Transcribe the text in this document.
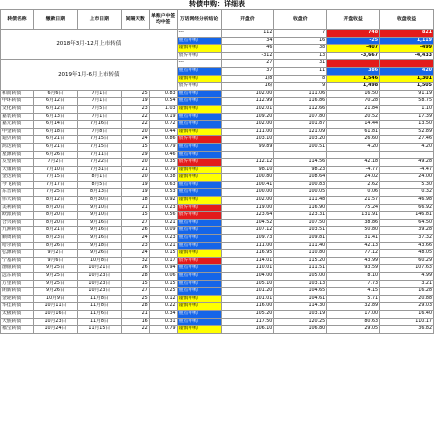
转债申购：详细表
转债名称	缴款日期	上市日期	间隔天数	单账户中签均中签	万话网经分析结论	开盘价	收盘价	开盘收益	收盘收益
2018年3月-12月上市转债					---	112	7	748	821
					重点申购	34	16	-25	1,119
					谨慎申购	46	38	-407	-499
					放弃申购	-312	13	-3,667	-4,433
2019年1月-6月上市转债					---	27	31		
					重点申购	37	11	386	420
					谨慎申购	1/8	8	1,546	1,301
					放弃申购	16/	9	1,498	1,505
和而转债	6月6日	7月1日	25	0.83	重点申购	102.00	111.06	16.50	91.19
中环转债	6月12日	7月1日	19	0.54	重点申购	112.99	116.86	70.28	58.75
文化转债	6月12日	7月5日	23	1.03	谨慎申购	102.01	112.66	21.84	1.10
嘉装转债	6月13日	7月1日	22	0.19	重点申购	109.20	107.80	20.52	17.39
嘉元转债	6月14日	7月16日	22	0.72	重点申购	102.00	101.87	14.44	13.50
中金转债	6月18日	7月8日	20	0.44	谨慎申购	111.00	121.09	61.81	52.89
迪贝转债	6月21日	7月15日	24	0.86	放弃申购	103.10	103.20	26.60	27.46
鸿达转债	6月21日	7月15日	15	0.79	重点申购	99.89	100.51	4.20	4.20
星源转债	6月26日	7月11日	29	0.46	重点申购				
友堂转债	7月2日	7月22日	20	0.35	放弃申购	112.12	114.56	42.18	49.28
天康转债	7月10日	7月31日	21	0.79	谨慎申购	98.10	98.23	-4.77	-4.47
金达转债	7月15日	8月1日	20	0.38	谨慎申购	100.80	108.64	24.02	24.00
今飞转债	7月17日	8月5日	19	0.63	重点申购	100.41	100.83	2.62	5.30
东音转债	7月25日	8月13日	19	0.53	重点申购	100.00	100.05	0.06	0.32
伟大转债	8月12日	8月30日	18	0.92	谨慎申购	102.00	111.48	21.57	46.98
美利转债	8月20日	9月10日	21	0.23	放弃申购	119.00	116.90	75.24	66.92
欧派转债	8月20日	9月10日	15	0.56	放弃申购	123.64	123.31	131.91	146.81
合兴转债	8月20日	9月16日	27	0.21	重点申购	104.52	107.50	38.86	64.50
九洲转债	8月21日	9月16日	26	0.09	重点申购	107.12	103.51	50.80	39.28
顺周转债	8月23日	9月16日	24	0.23	重点申购	109.73	109.81	31.41	37.32
哈尔转债	8月26日	9月18日	23	0.21	重点申购	111.00	111.40	42.13	43.66
弘源转债	9月2日	9月26日	24	0.15	谨慎申购	116.95	110.80	77.12	48.05
宁基转债	9月6日	10月8日	32	0.17	放弃申购	114.01	115.20	43.99	60.29
渤银转债	9月25日	10月21日	26	0.94	重点申购	110.01	111.51	93.59	107.63
远东转债	9月25日	10月23日	28	0.06	重点申购	104.00	105.00	8.10	4.99
万里转债	9月25日	10月23日	15	0.15	重点申购	105.10	103.13	7.73	3.21
朗新转债	9月26日	10月23日	27	0.25	重点申购	101.20	104.65	4.15	16.28
金轮转债	10月9日	11月8日	25	0.12	谨慎申购	101.01	104.61	5.71	20.88
华佳转债	10月11日	11月8日	28	0.22	谨慎申购	116.00	114.30	32.89	29.03
太极转债	10月16日	11月6日	21	0.34	重点申购	105.20	103.19	17.00	16.40
大族转债	10月23日	11月8日	16	0.31	重点申购	117.50	120.25	80.63	110.17
福宝转债	10月24日	11月15日	22	0.79	谨慎申购	106.10	106.80	29.05	36.82
